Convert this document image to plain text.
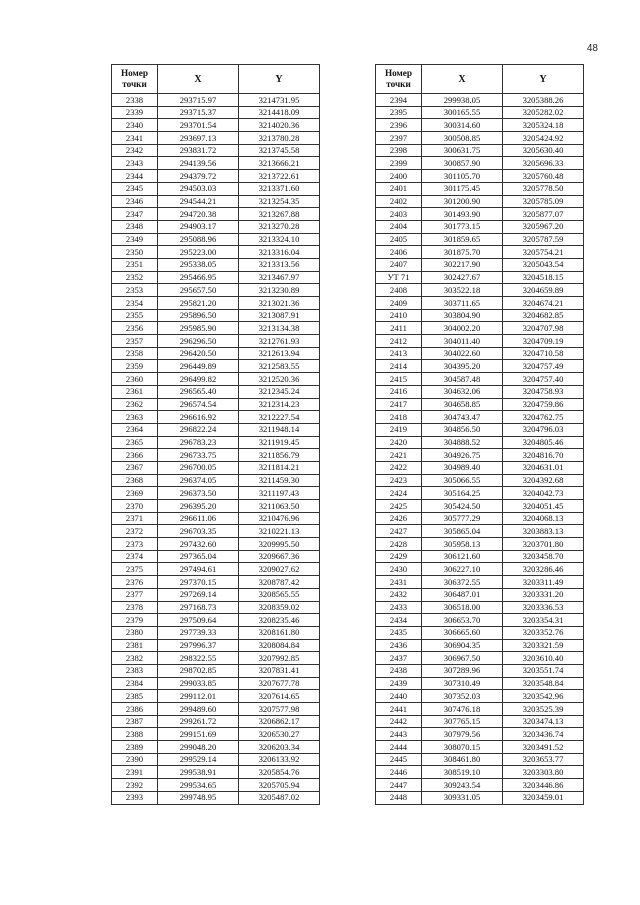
48
Номер
точки	X	Y
2338	293715.97	3214731.95
2339	293715.37	3214418.09
2340	293701.54	3214020.36
2341	293697.13	3213780.28
2342	293831.72	3213745.58
2343	294139.56	3213666.21
2344	294379.72	3213722.61
2345	294503.03	3213371.60
2346	294544.21	3213254.35
2347	294720.38	3213267.88
2348	294903.17	3213270.28
2349	295088.96	3213324.10
2350	295223.00	3213316.04
2351	295338.05	3213313.56
2352	295466.95	3213467.97
2353	295657.50	3213230.89
2354	295821.20	3213021.36
2355	295896.50	3213087.91
2356	295985.90	3213134.38
2357	296296.50	3212761.93
2358	296420.50	3212613.94
2359	296449.89	3212583.55
2360	296499.82	3212520.36
2361	296565.40	3212345.24
2362	296574.54	3212314.23
2363	296616.92	3212227.54
2364	296822.24	3211948.14
2365	296783.23	3211919.45
2366	296733.75	3211856.79
2367	296700.05	3211814.21
2368	296374.05	3211459.30
2369	296373.50	3211197.43
2370	296395.20	3211063.50
2371	296611.06	3210476.96
2372	296703.35	3210221.13
2373	297432.60	3209995.50
2374	297365.04	3209667.36
2375	297494.61	3209027.62
2376	297370.15	3208787.42
2377	297269.14	3208565.55
2378	297168.73	3208359.02
2379	297509.64	3208235.46
2380	297739.33	3208161.80
2381	297996.37	3208084.84
2382	298322.55	3207992.85
2383	298702.85	3207831.41
2384	299033.85	3207677.78
2385	299112.01	3207614.65
2386	299489.60	3207577.98
2387	299261.72	3206862.17
2388	299151.69	3206530.27
2389	299048.20	3206203.34
2390	299529.14	3206133.92
2391	299538.91	3205854.76
2392	299534.65	3205705.94
2393	299748.95	3205487.02
Номер
точки	X	Y
2394	299938.05	3205388.26
2395	300165.55	3205282.02
2396	300314.60	3205324.18
2397	300508.85	3205424.92
2398	300631.75	3205630.40
2399	300857.90	3205696.33
2400	301105.70	3205760.48
2401	301175.45	3205778.50
2402	301200.90	3205785.09
2403	301493.90	3205877.07
2404	301773.15	3205967.20
2405	301859.65	3205787.59
2406	301875.70	3205754.21
2407	302217.90	3205043.54
УТ 71	302427.67	3204518.15
2408	303522.18	3204659.89
2409	303711.65	3204674.21
2410	303804.90	3204682.85
2411	304002.20	3204707.98
2412	304011.40	3204709.19
2413	304022.60	3204710.58
2414	304395.20	3204757.49
2415	304587.48	3204757.40
2416	304632.06	3204758.93
2417	304658.85	3204759.86
2418	304743.47	3204762.75
2419	304856.50	3204796.03
2420	304888.52	3204805.46
2421	304926.75	3204816.70
2422	304989.40	3204631.01
2423	305066.55	3204392.68
2424	305164.25	3204042.73
2425	305424.50	3204051.45
2426	305777.29	3204068.13
2427	305865.04	3203883.13
2428	305958.13	3203701.80
2429	306121.60	3203458.70
2430	306227.10	3203286.46
2431	306372.55	3203311.49
2432	306487.01	3203331.20
2433	306518.00	3203336.53
2434	306653.70	3203354.31
2435	306665.60	3203352.76
2436	306904.35	3203321.59
2437	306967.50	3203610.40
2438	307289.96	3203551.74
2439	307310.49	3203548.84
2440	307352.03	3203542.96
2441	307476.18	3203525.39
2442	307765.15	3203474.13
2443	307979.56	3203436.74
2444	308070.15	3203491.52
2445	308461.80	3203653.77
2446	308519.10	3203303.80
2447	309243.54	3203446.86
2448	309331.05	3203459.01
